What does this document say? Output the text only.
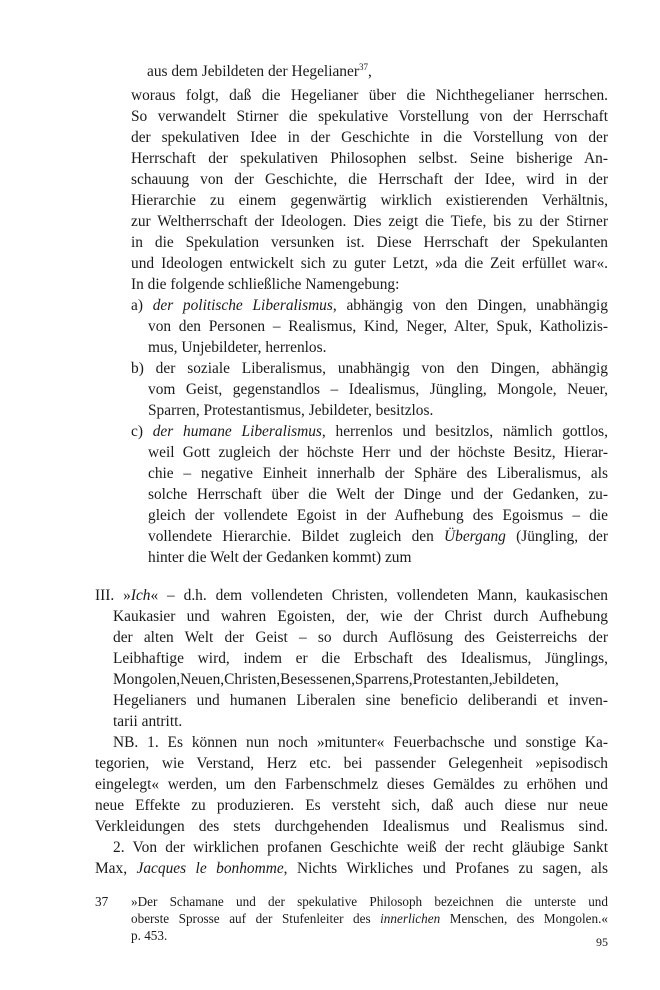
aus dem Jebildeten der Hegelianer$^{37}$,
woraus folgt, daß die Hegelianer über die Nichthegelianer herrschen.
So verwandelt Stirner die spekulative Vorstellung von der Herrschaft
der spekulativen Idee in der Geschichte in die Vorstellung von der
Herrschaft der spekulativen Philosophen selbst. Seine bisherige An-
schauung von der Geschichte, die Herrschaft der Idee, wird in der
Hierarchie zu einem gegenwärtig wirklich existierenden Verhältnis,
zur Weltherrschaft der Ideologen. Dies zeigt die Tiefe, bis zu der Stirner
in die Spekulation versunken ist. Diese Herrschaft der Spekulanten
und Ideologen entwickelt sich zu guter Letzt, »da die Zeit erfüllet war«.
In die folgende schließliche Namengebung:
a) der politische Liberalismus, abhängig von den Dingen, unabhängig
von den Personen – Realismus, Kind, Neger, Alter, Spuk, Katholizis-
mus, Unjebildeter, herrenlos.
b) der soziale Liberalismus, unabhängig von den Dingen, abhängig
vom Geist, gegenstandlos – Idealismus, Jüngling, Mongole, Neuer,
Sparren, Protestantismus, Jebildeter, besitzlos.
c) der humane Liberalismus, herrenlos und besitzlos, nämlich gottlos,
weil Gott zugleich der höchste Herr und der höchste Besitz, Hierar-
chie – negative Einheit innerhalb der Sphäre des Liberalismus, als
solche Herrschaft über die Welt der Dinge und der Gedanken, zu-
gleich der vollendete Egoist in der Aufhebung des Egoismus – die
vollendete Hierarchie. Bildet zugleich den Übergang (Jüngling, der
hinter die Welt der Gedanken kommt) zum
III. »Ich« – d.h. dem vollendeten Christen, vollendeten Mann, kaukasischen
Kaukasier und wahren Egoisten, der, wie der Christ durch Aufhebung
der alten Welt der Geist – so durch Auflösung des Geisterreichs der
Leibhaftige wird, indem er die Erbschaft des Idealismus, Jünglings,
Mongolen,Neuen,Christen,Besessenen,Sparrens,Protestanten,Jebildeten,
Hegelianers und humanen Liberalen sine beneficio deliberandi et inven-
tarii antritt.
NB. 1. Es können nun noch »mitunter« Feuerbachsche und sonstige Ka-
tegorien, wie Verstand, Herz etc. bei passender Gelegenheit »episodisch
eingelegt« werden, um den Farbenschmelz dieses Gemäldes zu erhöhen und
neue Effekte zu produzieren. Es versteht sich, daß auch diese nur neue
Verkleidungen des stets durchgehenden Idealismus und Realismus sind.
2. Von der wirklichen profanen Geschichte weiß der recht gläubige Sankt
Max, Jacques le bonhomme, Nichts Wirkliches und Profanes zu sagen, als
37 »Der Schamane und der spekulative Philosoph bezeichnen die unterste und
oberste Sprosse auf der Stufenleiter des innerlichen Menschen, des Mongolen.«
p. 453.	95
